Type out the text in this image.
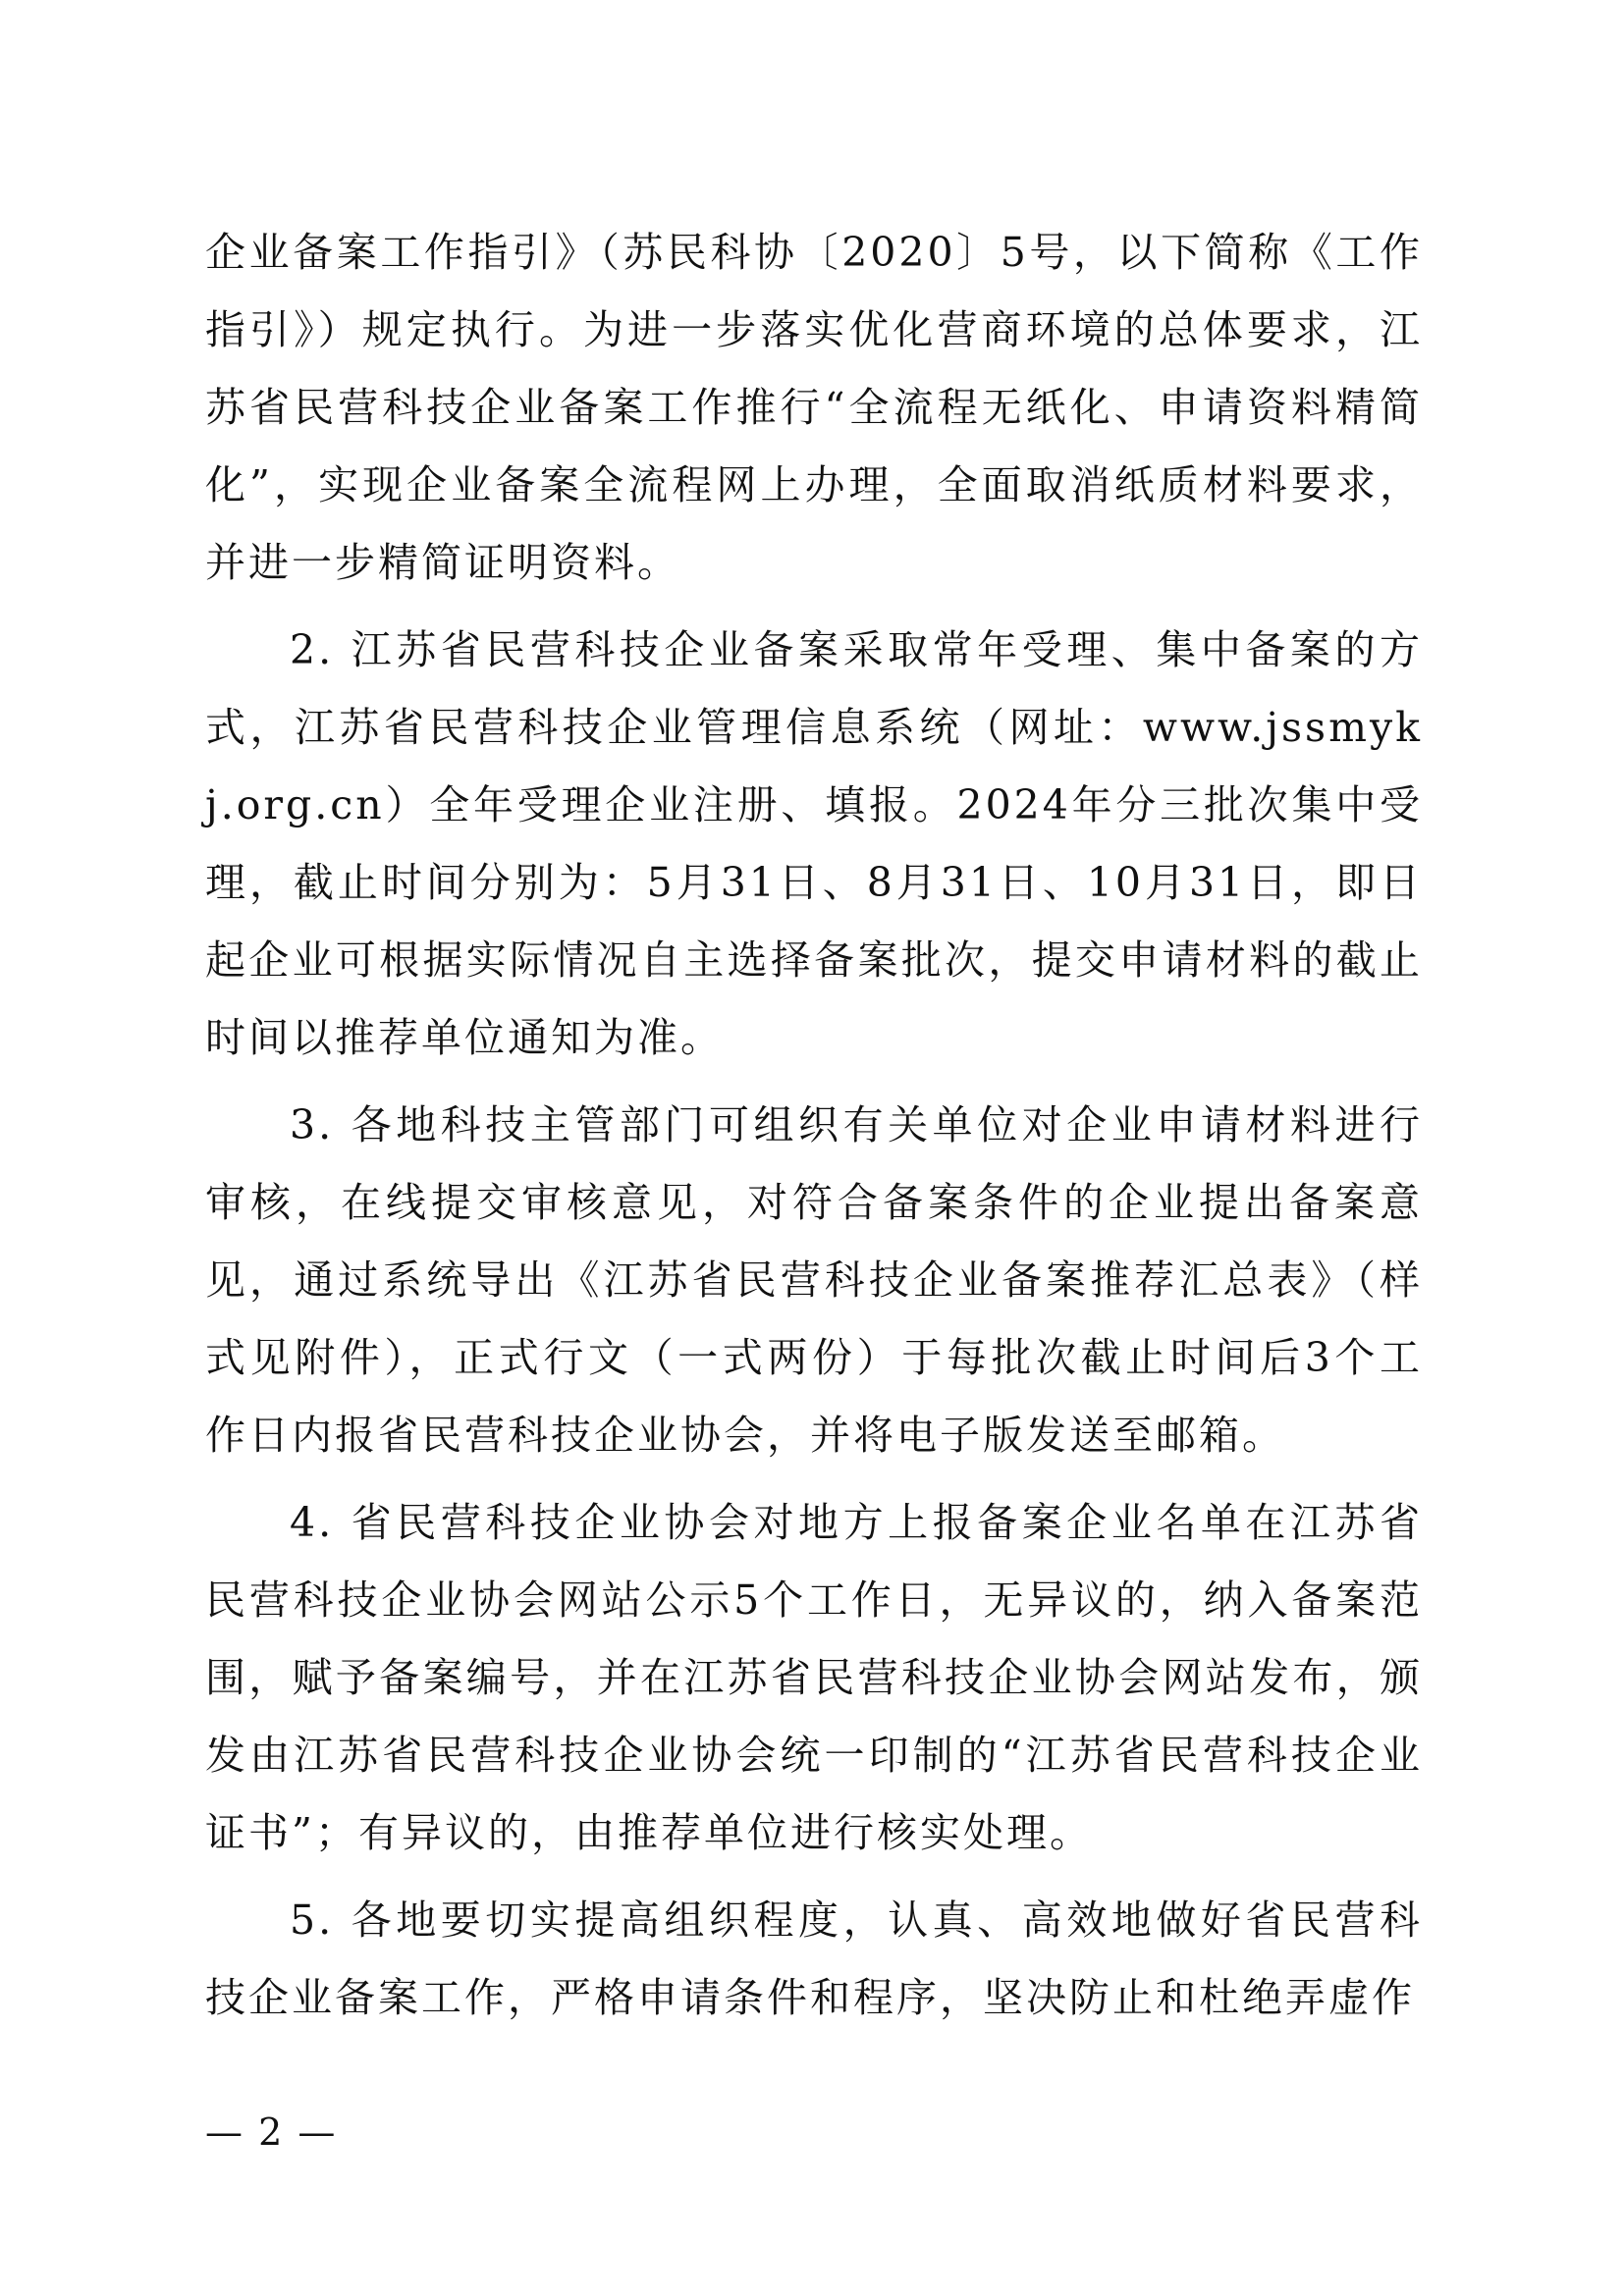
企业备案工作指引》（苏民科协〔2020〕5号，以下简称《工作指引》）规定执行。为进一步落实优化营商环境的总体要求，江苏省民营科技企业备案工作推行“全流程无纸化、申请资料精简化”，实现企业备案全流程网上办理，全面取消纸质材料要求，并进一步精简证明资料。

2. 江苏省民营科技企业备案采取常年受理、集中备案的方式，江苏省民营科技企业管理信息系统（网址：www.jssmykj.org.cn）全年受理企业注册、填报。2024年分三批次集中受理，截止时间分别为：5月31日、8月31日、10月31日，即日起企业可根据实际情况自主选择备案批次，提交申请材料的截止时间以推荐单位通知为准。

3. 各地科技主管部门可组织有关单位对企业申请材料进行审核，在线提交审核意见，对符合备案条件的企业提出备案意见，通过系统导出《江苏省民营科技企业备案推荐汇总表》（样式见附件），正式行文（一式两份）于每批次截止时间后3个工作日内报省民营科技企业协会，并将电子版发送至邮箱。

4. 省民营科技企业协会对地方上报备案企业名单在江苏省民营科技企业协会网站公示5个工作日，无异议的，纳入备案范围，赋予备案编号，并在江苏省民营科技企业协会网站发布，颁发由江苏省民营科技企业协会统一印制的“江苏省民营科技企业证书”；有异议的，由推荐单位进行核实处理。

5. 各地要切实提高组织程度，认真、高效地做好省民营科技企业备案工作，严格申请条件和程序，坚决防止和杜绝弄虚作

— 2 —
